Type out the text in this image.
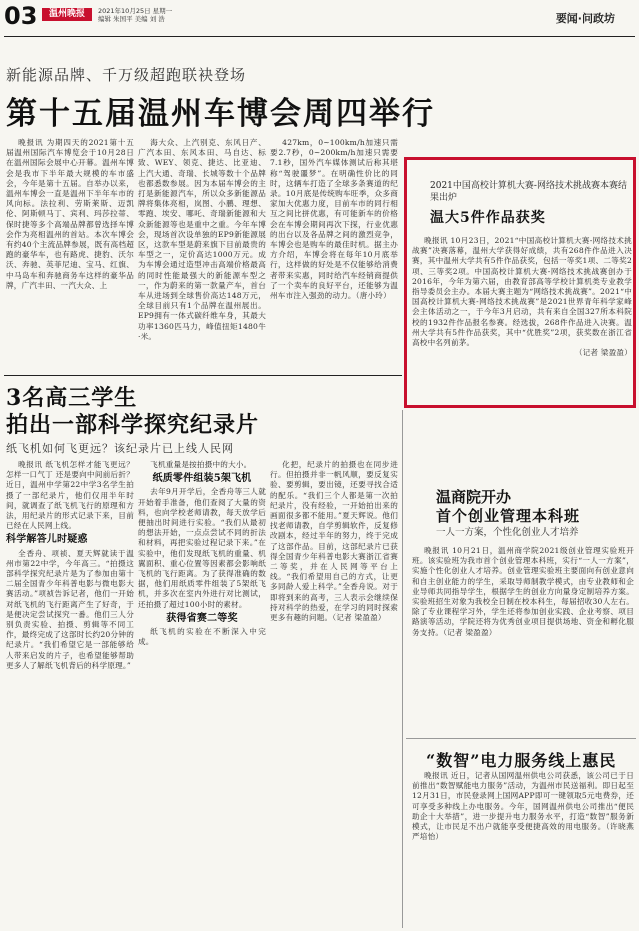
03	温州晚报	2021年10月25日 星期一
编辑 朱国平 美编 刘 浩	要闻·问政坊
新能源品牌、千万级超跑联袂登场
第十五届温州车博会周四举行

晚报讯 为期四天的2021第十五届温州国际汽车博览会于10月28日在温州国际会展中心开幕。温州车博会是我市下半年最大规模的车市盛会，今年是第十五届。自举办以来，温州车博会一直是温州下半年车市的风向标。法拉利、劳斯莱斯、迈凯伦、阿斯顿马丁、宾利、玛莎拉蒂、保时捷等多个高端品牌都曾选择车博会作为亮相温州的首站。本次车博会有约40个主流品牌参展，既有高档超跑的豪华车，也有路虎、捷豹、沃尔沃、奔驰、英菲尼迪、宝马、红旗、中马岛车和奔驰商务车这样的豪华品牌，广汽丰田、一汽大众、上

海大众、上汽别克、东风日产、广汽本田、东风本田、马自达、标致、WEY、领克、捷达、比亚迪、上汽大通、奇瑞、长城等数十个品牌也都悉数参展。因为本届车博会的主打是新能源汽车，所以众多新能源品牌将集体亮相，岚图、小鹏、理想、零跑、埃安、哪吒、奇瑞新能源和大众新能源等也是重中之重。今年车博会，现场首次设单独的EP9新能源展区，这款车型是蔚来旗下目前最贵的车型之一，定价高达1000万元。成为车博会通过造型冲击高端价格最高的同时性能最强大的新能源车型之一，作为蔚来的第一款量产车，首台车从进场到全球售价高达148万元，全球目前只有1个品牌在温州展出。EP9拥有一体式碳纤维车身，其最大功率1360匹马力，峰值扭矩1480牛·米。

427km，0~100km/h加速只需要2.7秒，0~200km/h加速只需要7.1秒，国外汽车媒体测试后称其堪称“驾驶噩梦”。在明确性价比的同时，这辆车打造了全球多条赛道的纪录。10月底是传统购车旺季，众多商家加大优惠力度，目前车市的同行相互之间比拼优惠，有可能新车的价格会在车博会期间再次下探，行业优惠的出台以及各品牌之间的激烈竞争，车博会也是购车的最佳时机。据主办方介绍，车博会将在每年10月底举行，这样做的好处是不仅能够给消费者带来实惠，同时给汽车经销商提供了一个卖车的良好平台，还能够为温州车市注入强劲的动力。（唐小玲）

2021中国高校计算机大赛-网络技术挑战赛本赛结果出炉
温大5件作品获奖

晚报讯 10月23日，2021“中国高校计算机大赛-网络技术挑战赛”决赛落幕，温州大学获得好成绩，共有268件作品进入决赛，其中温州大学共有5件作品获奖，包括一等奖1项、二等奖2项、三等奖2项。中国高校计算机大赛-网络技术挑战赛创办于2016年，今年为第六届，由教育部高等学校计算机类专业教学指导委员会主办。本届大赛主题为“网络技术挑战赛”。2021“中国高校计算机大赛-网络技术挑战赛”是2021世界青年科学家峰会主体活动之一，于今年3月启动，共有来自全国327所本科院校的1932件作品报名参赛。经选拔，268件作品进入决赛。温州大学共有5件作品获奖，其中“优胜奖”2项，获奖数在浙江省高校中名列前茅。

（记者 梁盈盈）

3名高三学生
拍出一部科学探究纪录片
纸飞机如何飞更远？该纪录片已上线人民网

晚报讯 纸飞机怎样才能飞更远？怎样一口气丁 还是要向中间前后折？近日，温州中学第22中学3名学生拍摄了一部纪录片，他们仅用半年时间，就调查了纸飞机飞行的原理和方法，用纪录片的形式记录下来，目前已经在人民网上线。

科学解答儿时疑惑

全香舟、项祯、夏天辉就读于温州市第22中学，今年高三。“拍摄这部科学探究纪录片是为了参加由第十二届全国青少年科普电影与微电影大赛活动。”项祯告诉记者，他们一开始对纸飞机的飞行距离产生了好奇，于是便决定尝试探究一番。他们三人分别负责实验、拍摄、剪辑等不同工作，最终完成了这部时长约20分钟的纪录片。“我们希望它是一部能够给人带来启发的片子，也希望能够帮助更多人了解纸飞机背后的科学原理。”

飞机重量是按拍摄中的大小。

纸质零件组装5架飞机

去年9月开学后，全香舟等三人就开始着手准备，他们查阅了大量的资料，也向学校老师请教，每天放学后便抽出时间进行实验。“我们从最初的想法开始，一点点尝试不同的折法和材料，再把实验过程记录下来。”在实验中，他们发现纸飞机的重量、机翼面积、重心位置等因素都会影响纸飞机的飞行距离。为了获得准确的数据，他们用纸质零件组装了5架纸飞机，并多次在室内外进行对比测试，还拍摄了超过100小时的素材。

获得省赛二等奖

纸飞机的实验在不断深入中完成。

化把，纪录片的拍摄也在同步进行。但拍摄并非一帆风顺，要反复实验、要剪辑，要出镜，还要寻找合适的配乐。“我们三个人都是第一次拍纪录片，没有经验，一开始拍出来的画面很多都不能用。”夏天辉说。他们找老师请教，自学剪辑软件，反复修改剧本，经过半年的努力，终于完成了这部作品。目前，这部纪录片已获得全国青少年科普电影大赛浙江省赛二等奖，并在人民网等平台上线。“我们希望用自己的方式，让更多同龄人爱上科学。”全香舟说。对于即将到来的高考，三人表示会继续保持对科学的热爱，在学习的同时探索更多有趣的问题。（记者 梁盈盈）

温商院开办
首个创业管理本科班
一人一方案，个性化创业人才培养

晚报讯 10月21日，温州商学院2021级创业管理实验班开班。该实验班为我市首个创业管理本科班，实行“一人一方案”，实施个性化创业人才培养。创业管理实验班主要面向有创业意向和自主创业能力的学生，采取导师制教学模式，由专业教师和企业导师共同指导学生，根据学生的创业方向量身定制培养方案。实验班招生对象为我校全日制在校本科生，每届招收30人左右。除了专业课程学习外，学生还将参加创业实践、企业考察、项目路演等活动，学院还将为优秀创业项目提供场地、资金和孵化服务支持。（记者 梁盈盈）

“数智”电力服务线上惠民

晚报讯 近日，记者从国网温州供电公司获悉，该公司已于日前推出“数智赋能电力服务”活动，为温州市民送福利。即日起至12月31日，市民登录网上国网APP即可一键领取5元电费券，还可享受多种线上办电服务。今年，国网温州供电公司推出“便民助企十大举措”，进一步提升电力服务水平，打造“数智”服务新模式，让市民足不出户就能享受便捷高效的用电服务。（许晓燕 严培怡）
